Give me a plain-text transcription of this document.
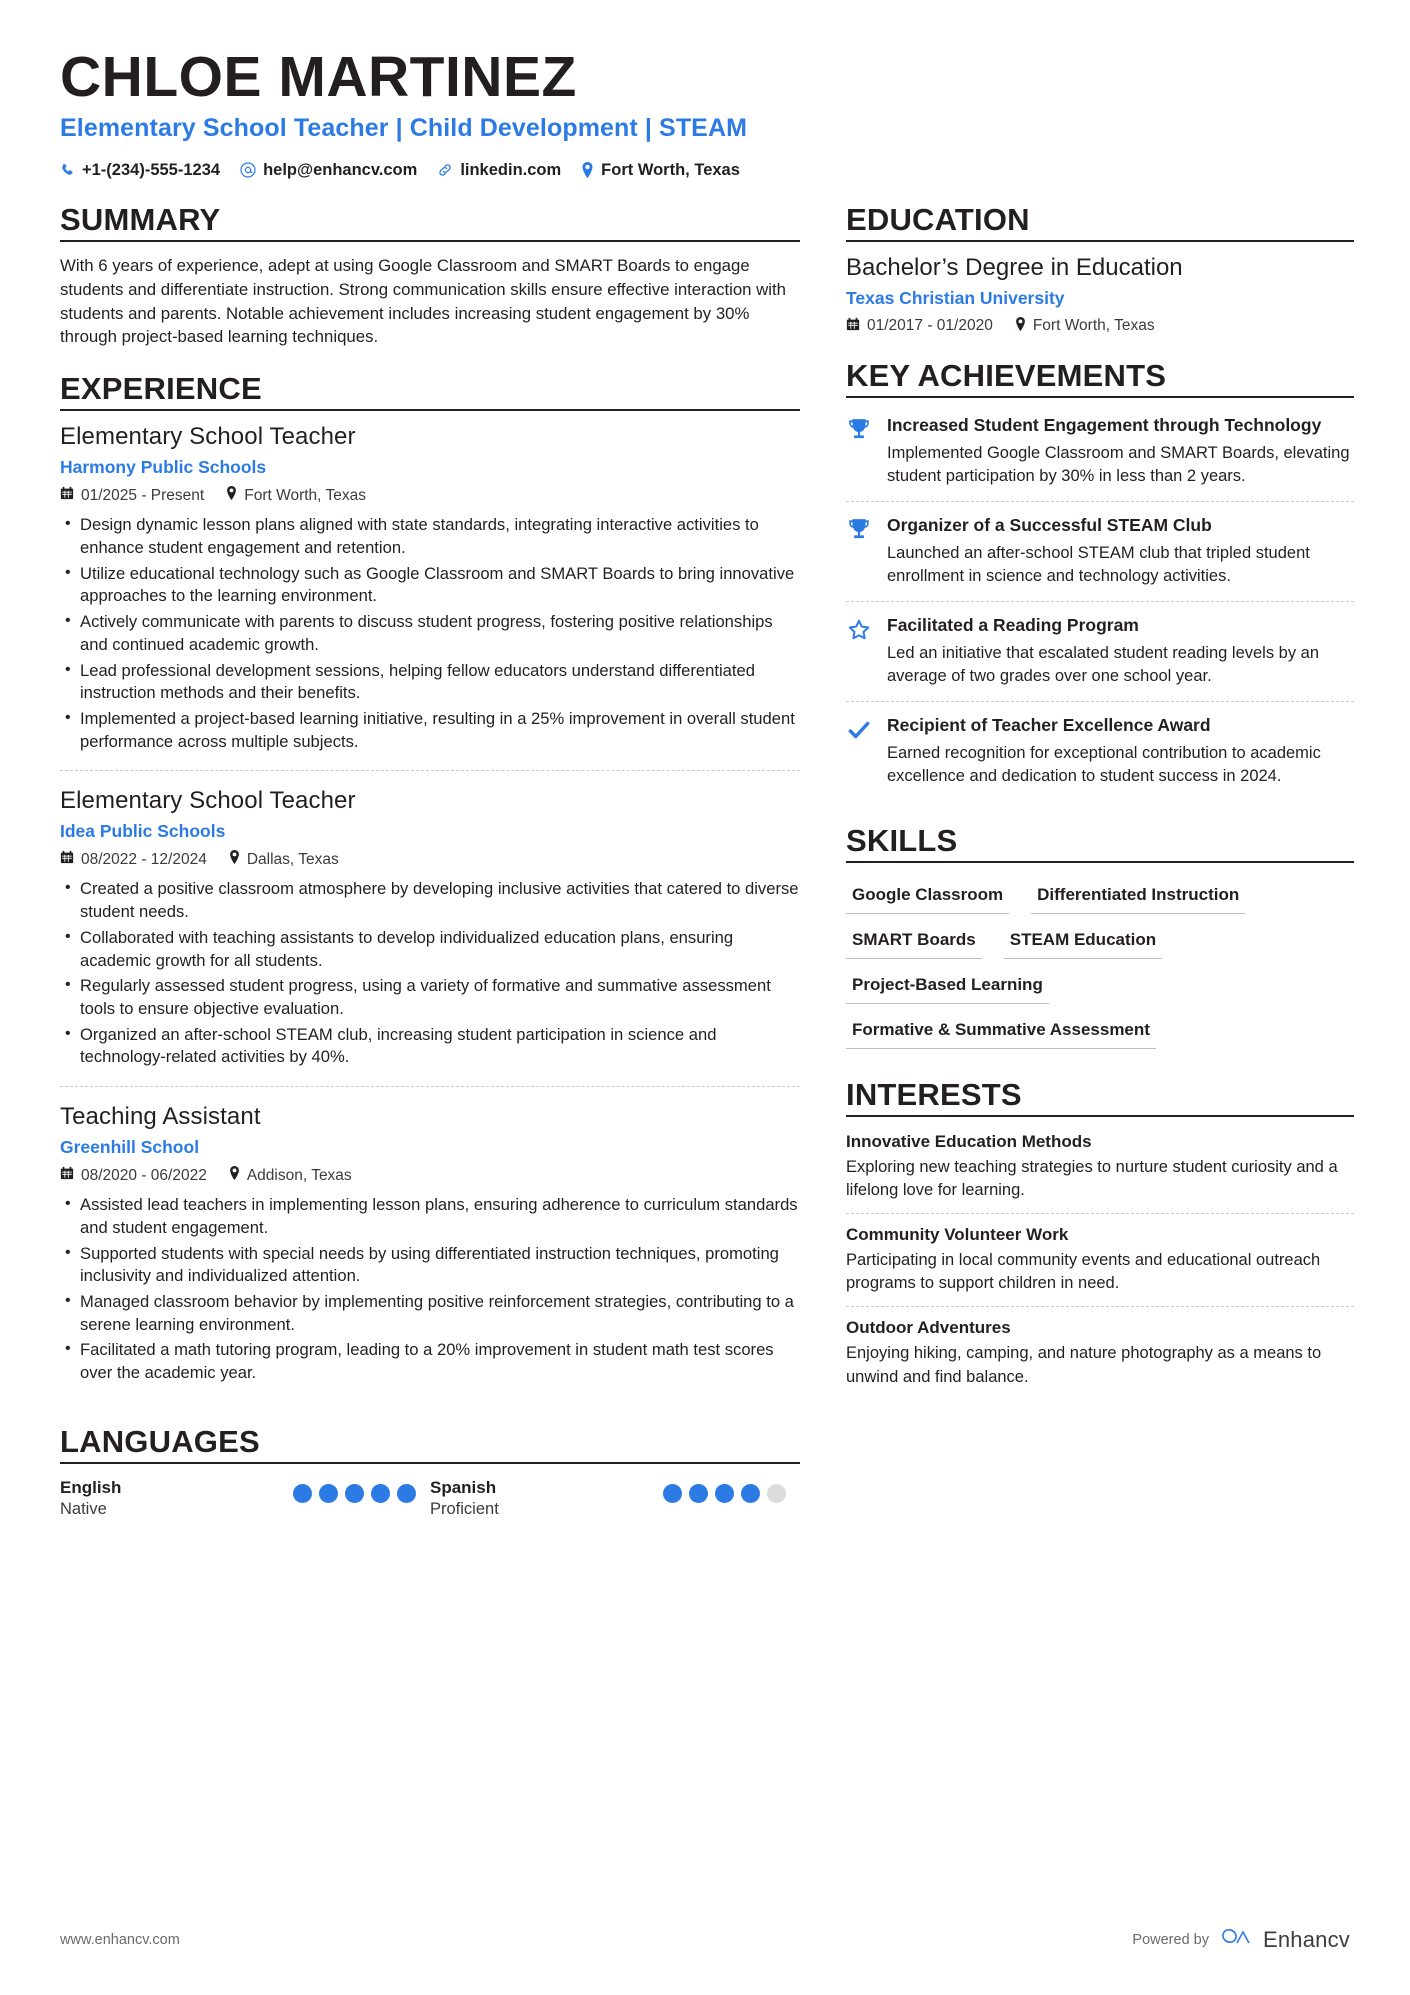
CHLOE MARTINEZ
Elementary School Teacher | Child Development | STEAM
+1-(234)-555-1234	help@enhancv.com	linkedin.com Fort Worth, Texas
SUMMARY

With 6 years of experience, adept at using Google Classroom and SMART Boards to engage students and differentiate instruction. Strong communication skills ensure effective interaction with students and parents. Notable achievement includes increasing student engagement by 30% through project-based learning techniques.

EXPERIENCE
Elementary School Teacher
Harmony Public Schools
01/2025 - Present	Fort Worth, Texas
• Design dynamic lesson plans aligned with state standards, integrating interactive activities to enhance student engagement and retention.
• Utilize educational technology such as Google Classroom and SMART Boards to bring innovative approaches to the learning environment.
• Actively communicate with parents to discuss student progress, fostering positive relationships and continued academic growth.
• Lead professional development sessions, helping fellow educators understand differentiated instruction methods and their benefits.
• Implemented a project-based learning initiative, resulting in a 25% improvement in overall student performance across multiple subjects.
Elementary School Teacher
Idea Public Schools
08/2022 - 12/2024	Dallas, Texas
• Created a positive classroom atmosphere by developing inclusive activities that catered to diverse student needs.
• Collaborated with teaching assistants to develop individualized education plans, ensuring academic growth for all students.
• Regularly assessed student progress, using a variety of formative and summative assessment tools to ensure objective evaluation.
• Organized an after-school STEAM club, increasing student participation in science and technology-related activities by 40%.
Teaching Assistant
Greenhill School
08/2020 - 06/2022	Addison, Texas
• Assisted lead teachers in implementing lesson plans, ensuring adherence to curriculum standards and student engagement.
• Supported students with special needs by using differentiated instruction techniques, promoting inclusivity and individualized attention.
• Managed classroom behavior by implementing positive reinforcement strategies, contributing to a serene learning environment.
• Facilitated a math tutoring program, leading to a 20% improvement in student math test scores over the academic year.
LANGUAGES
English
Native
Spanish
Proficient
EDUCATION
Bachelor’s Degree in Education
Texas Christian University
01/2017 - 01/2020	Fort Worth, Texas
KEY ACHIEVEMENTS
Increased Student Engagement through Technology
Implemented Google Classroom and SMART Boards, elevating student participation by 30% in less than 2 years.
Organizer of a Successful STEAM Club
Launched an after-school STEAM club that tripled student enrollment in science and technology activities.
Facilitated a Reading Program
Led an initiative that escalated student reading levels by an average of two grades over one school year.
Recipient of Teacher Excellence Award
Earned recognition for exceptional contribution to academic excellence and dedication to student success in 2024.
SKILLS
Google Classroom	Differentiated Instruction
SMART Boards	STEAM Education
Project-Based Learning
Formative & Summative Assessment
INTERESTS
Innovative Education Methods
Exploring new teaching strategies to nurture student curiosity and a lifelong love for learning.
Community Volunteer Work
Participating in local community events and educational outreach programs to support children in need.
Outdoor Adventures
Enjoying hiking, camping, and nature photography as a means to unwind and find balance.
www.enhancv.com	Powered by Enhancv
